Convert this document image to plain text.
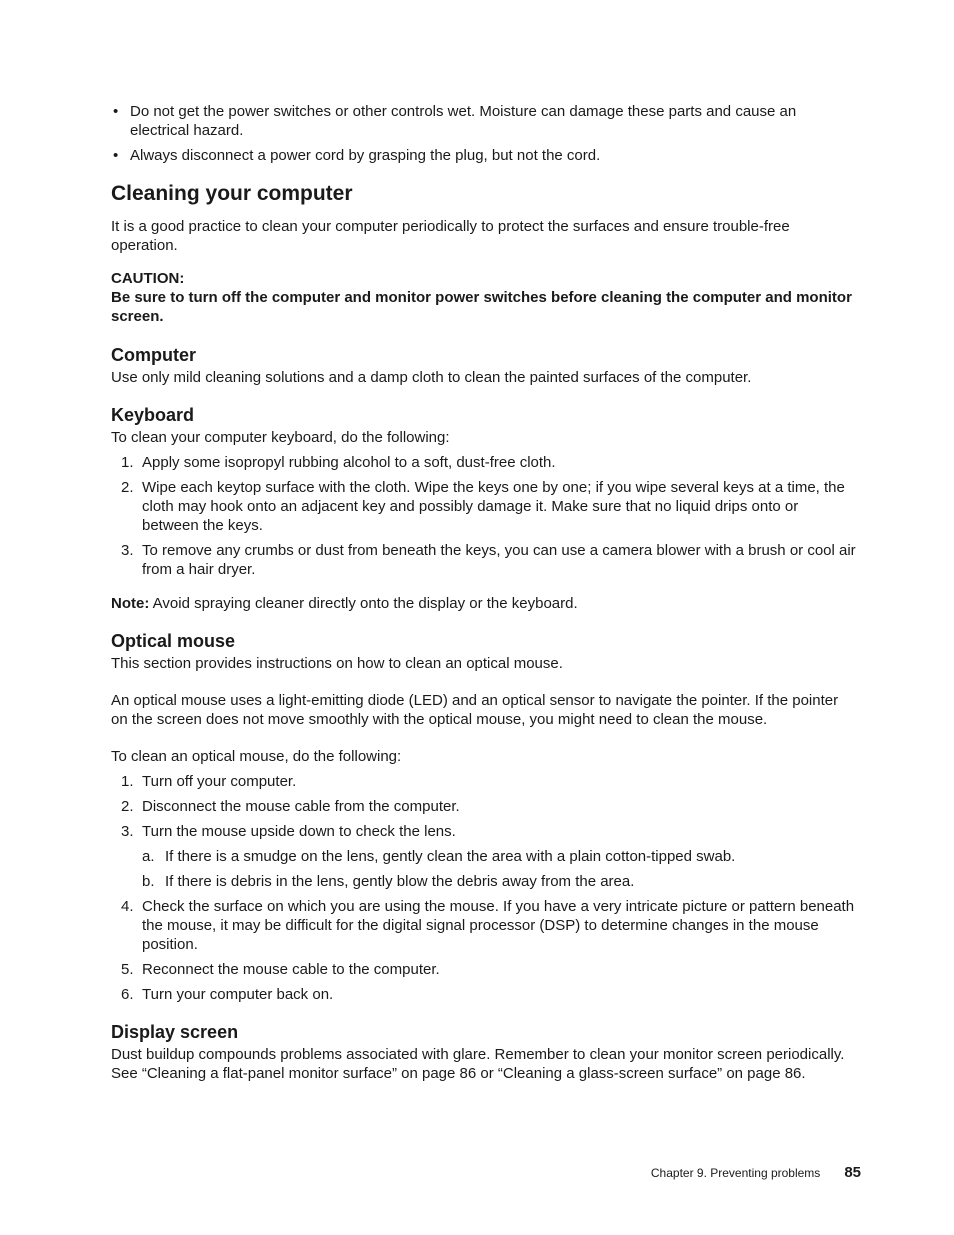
• Do not get the power switches or other controls wet. Moisture can damage these parts and cause an electrical hazard.
• Always disconnect a power cord by grasping the plug, but not the cord.
Cleaning your computer

It is a good practice to clean your computer periodically to protect the surfaces and ensure trouble-free operation.

CAUTION:

Be sure to turn off the computer and monitor power switches before cleaning the computer and monitor screen.

Computer

Use only mild cleaning solutions and a damp cloth to clean the painted surfaces of the computer.

Keyboard

To clean your computer keyboard, do the following:

1. Apply some isopropyl rubbing alcohol to a soft, dust-free cloth.
2. Wipe each keytop surface with the cloth. Wipe the keys one by one; if you wipe several keys at a time, the cloth may hook onto an adjacent key and possibly damage it. Make sure that no liquid drips onto or between the keys.
3. To remove any crumbs or dust from beneath the keys, you can use a camera blower with a brush or cool air from a hair dryer.

Note: Avoid spraying cleaner directly onto the display or the keyboard.

Optical mouse

This section provides instructions on how to clean an optical mouse.

An optical mouse uses a light-emitting diode (LED) and an optical sensor to navigate the pointer. If the pointer on the screen does not move smoothly with the optical mouse, you might need to clean the mouse.

To clean an optical mouse, do the following:

1. Turn off your computer.
2. Disconnect the mouse cable from the computer.
3. Turn the mouse upside down to check the lens.
a. If there is a smudge on the lens, gently clean the area with a plain cotton-tipped swab.
b. If there is debris in the lens, gently blow the debris away from the area.
4. Check the surface on which you are using the mouse. If you have a very intricate picture or pattern beneath the mouse, it may be difficult for the digital signal processor (DSP) to determine changes in the mouse position.
5. Reconnect the mouse cable to the computer.
6. Turn your computer back on.
Display screen

Dust buildup compounds problems associated with glare. Remember to clean your monitor screen periodically. See “Cleaning a flat-panel monitor surface” on page 86 or “Cleaning a glass-screen surface” on page 86.

Chapter 9. Preventing problems 85
